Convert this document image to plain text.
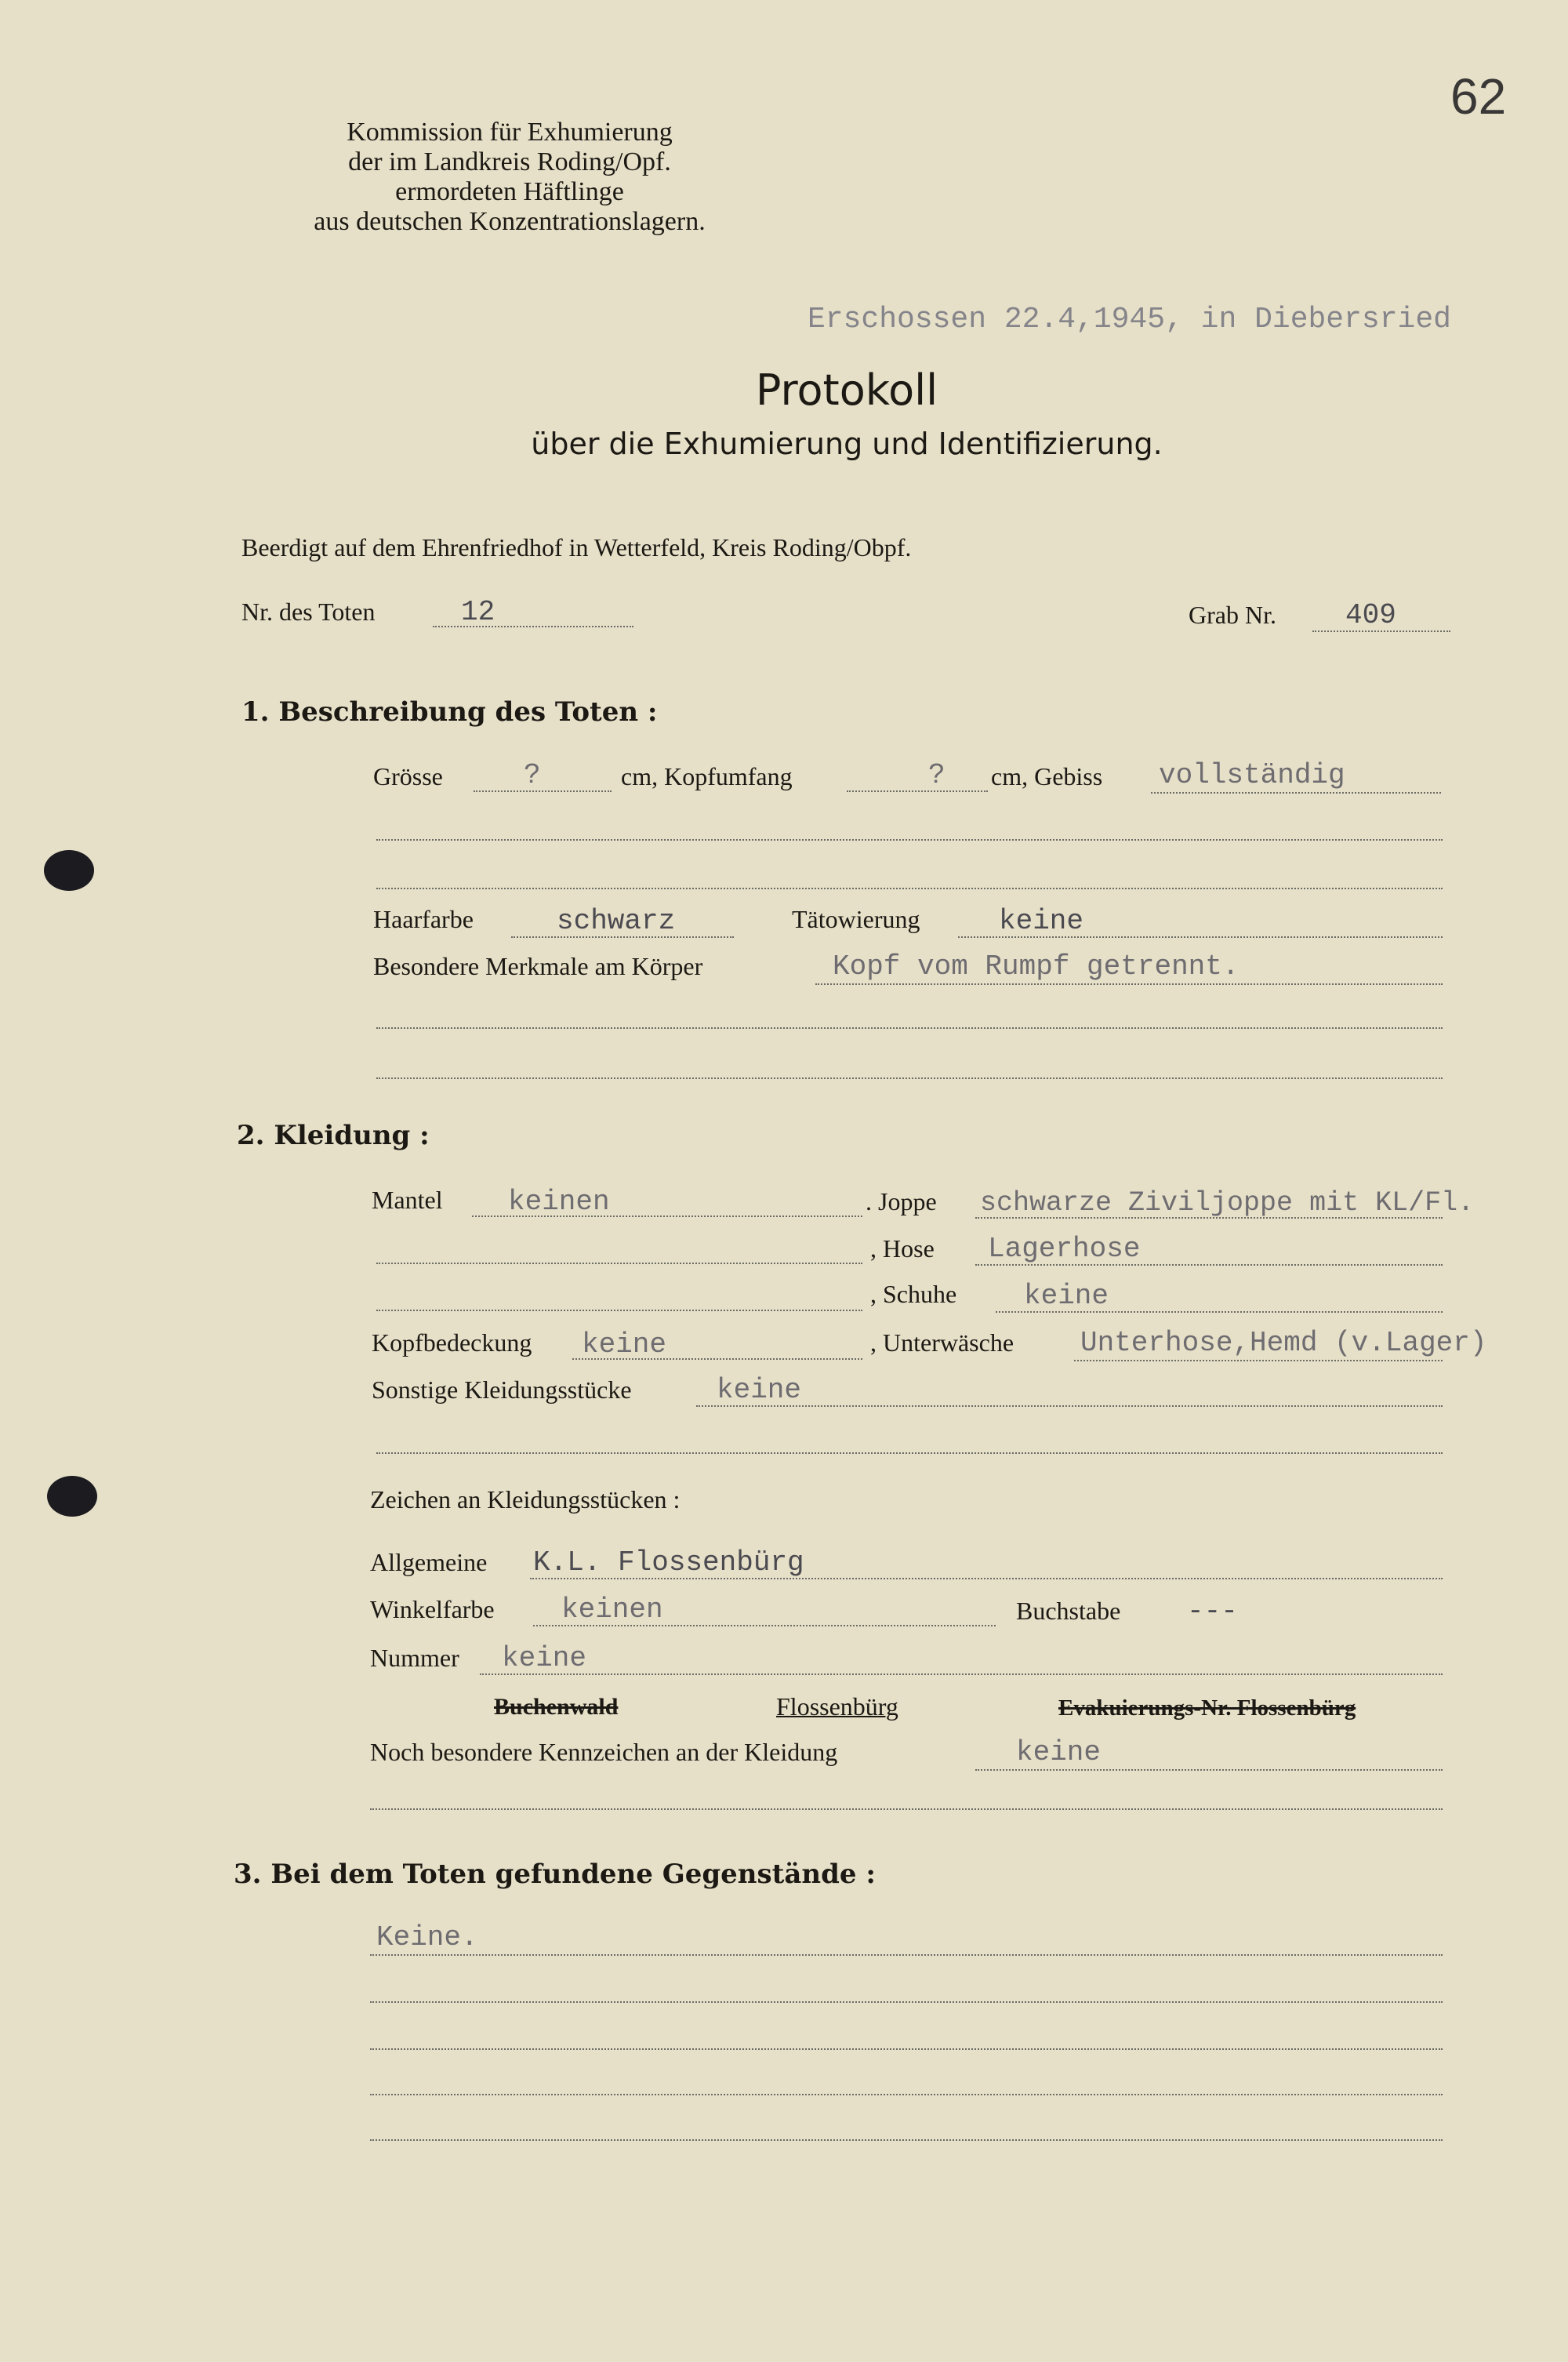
62
Kommission für Exhumierung
der im Landkreis Roding/Opf.
ermordeten Häftlinge
aus deutschen Konzentrationslagern.
Erschossen 22.4,1945, in Diebersried
Protokoll
über die Exhumierung und Identifizierung.
Beerdigt auf dem Ehrenfriedhof in Wetterfeld, Kreis Roding/Obpf.
Nr. des Toten	12	Grab Nr. 409
1. Beschreibung des Toten :
Grösse	?	cm, Kopfumfang	? cm, Gebiss vollständig
Haarfarbe	schwarz	Tätowierung	keine
Besondere Merkmale am Körper	Kopf vom Rumpf getrennt.
2. Kleidung :
Mantel keinen	. Joppe schwarze Ziviljoppe mit KL/Fl.
, Hose Lagerhose
, Schuhe keine
Kopfbedeckung keine	, Unterwäsche Unterhose,Hemd (v.Lager)
Sonstige Kleidungsstücke	keine
Zeichen an Kleidungsstücken :
Allgemeine K.L. Flossenbürg
Winkelfarbe keinen	Buchstabe ---
Nummer keine
Buchenwald	Flossenbürg	Evakuierungs-Nr. Flossenbürg
Noch besondere Kennzeichen an der Kleidung	keine
3. Bei dem Toten gefundene Gegenstände :
Keine.
